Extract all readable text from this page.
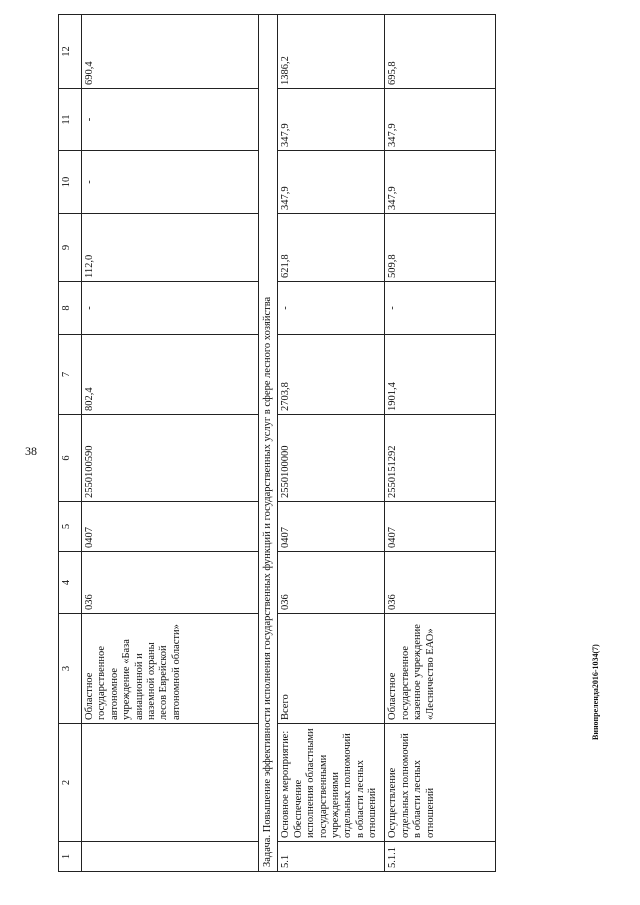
38
Винопреленда2016-1034(7)
1	2	3	4	5	6	7	8	9	10	11	12
		Областное государственное автономное учреждение «База авиационной и наземной охраны лесов Еврейской автономной области»	036	0407	2550100590	802,4	-	112,0	-	-	690,4
Задача. Повышение эффективности исполнения государственных функций и государственных услуг в сфере лесного хозяйства											
5.1	Основное мероприятие: Обеспечение исполнения областными государственными учреждениями отдельных полномочий в области лесных отношений	Всего	036	0407	2550100000	2703,8	-	621,8	347,9	347,9	1386,2
5.1.1	Осуществление отдельных полномочий в области лесных отношений	Областное государственное казенное учреждение «Лесничество ЕАО»	036	0407	2550151292	1901,4	-	509,8	347,9	347,9	695,8
